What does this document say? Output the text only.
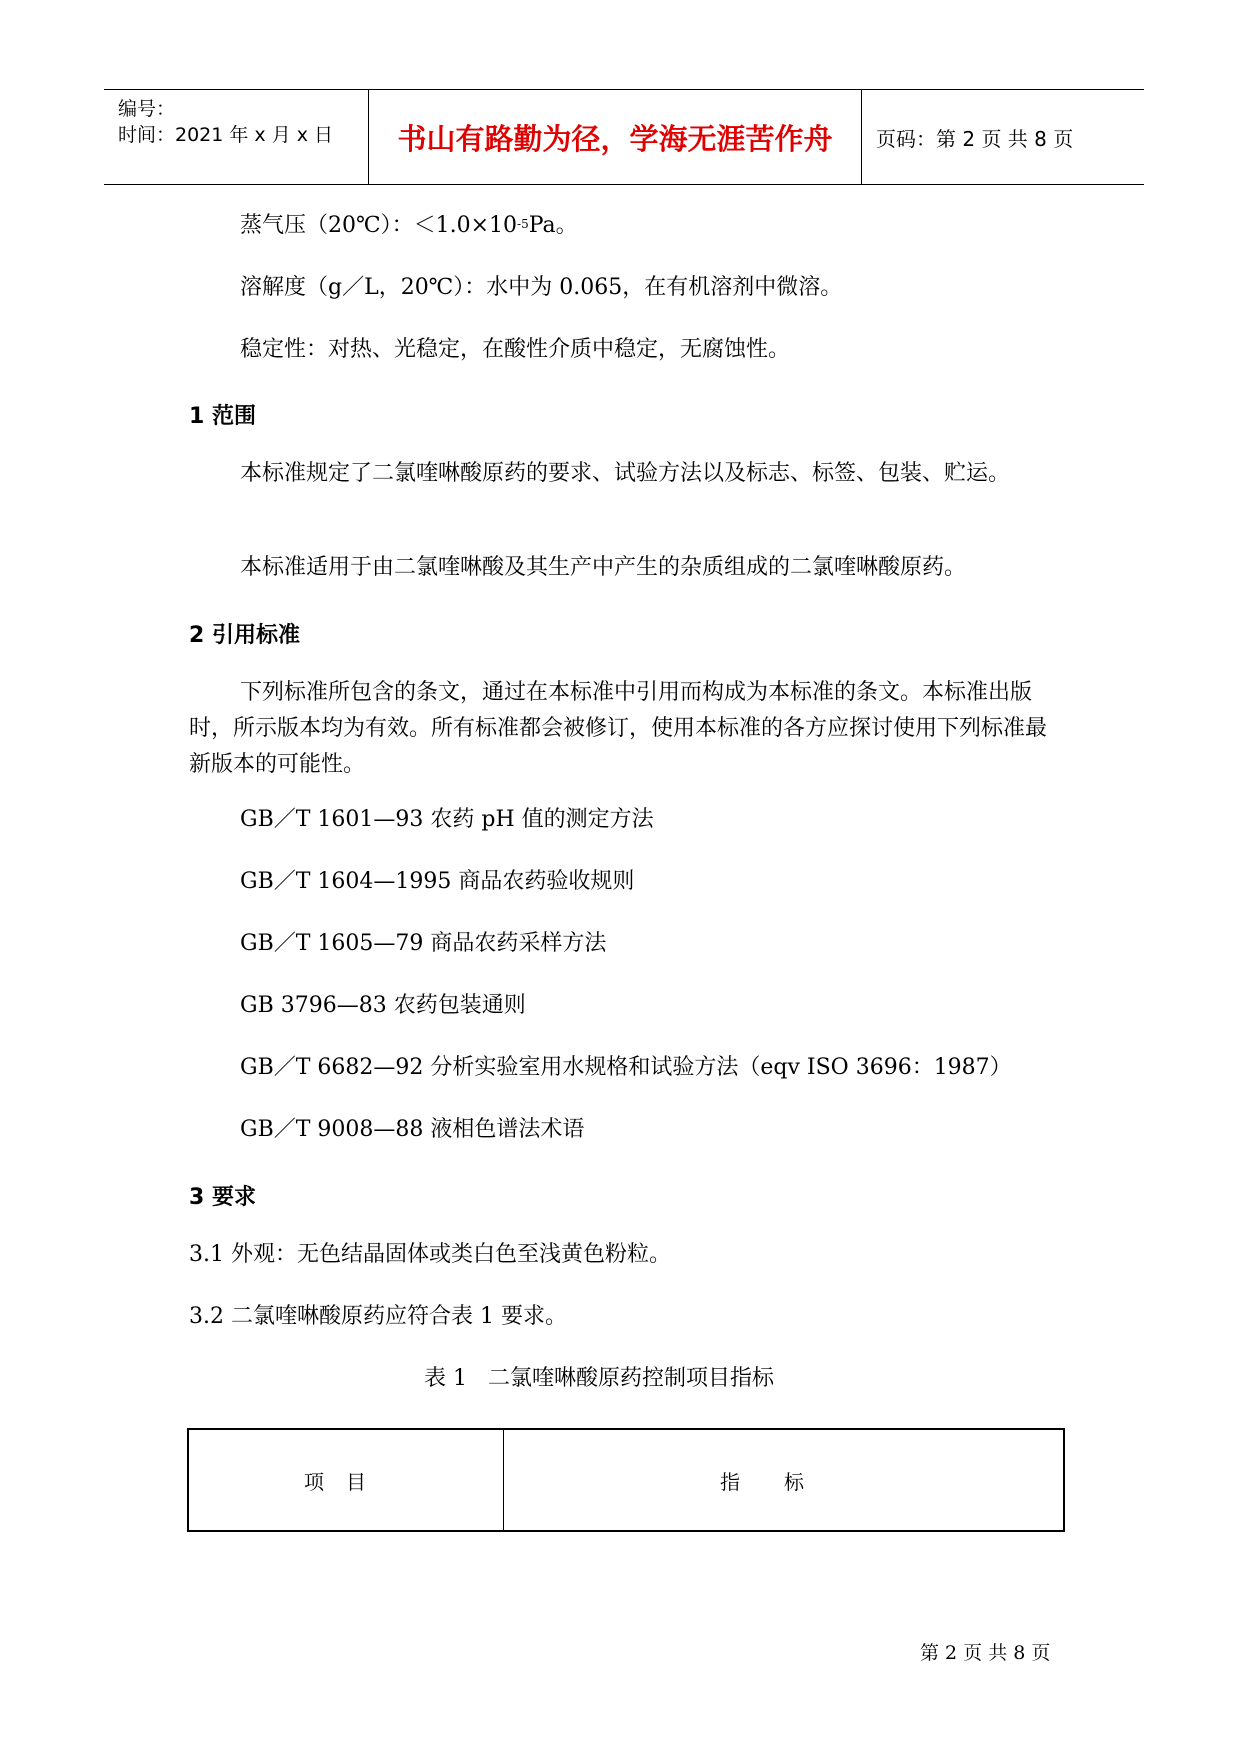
编号：
时间：2021 年 x 月 x 日	书山有路勤为径，学海无涯苦作舟	页码：第 2 页 共 8 页
蒸气压（20℃）：$<1.0\times 10^{-5}Pa$。
溶解度（g／L，20℃）：水中为 0.065，在有机溶剂中微溶。
稳定性：对热、光稳定，在酸性介质中稳定，无腐蚀性。
1 范围
本标准规定了二氯喹啉酸原药的要求、试验方法以及标志、标签、包装、贮运。
本标准适用于由二氯喹啉酸及其生产中产生的杂质组成的二氯喹啉酸原药。
2 引用标准
下列标准所包含的条文，通过在本标准中引用而构成为本标准的条文。本标准出版时，所示版本均为有效。所有标准都会被修订，使用本标准的各方应探讨使用下列标准最新版本的可能性。
GB／T 1601—93 农药 pH 值的测定方法
GB／T 1604—1995 商品农药验收规则
GB／T 1605—79 商品农药采样方法
GB 3796—83 农药包装通则
GB／T 6682—92 分析实验室用水规格和试验方法（eqv ISO 3696：1987）
GB／T 9008—88 液相色谱法术语
3 要求
3.1 外观：无色结晶固体或类白色至浅黄色粉粒。
3.2 二氯喹啉酸原药应符合表 1 要求。
表 1   二氯喹啉酸原药控制项目指标
项目	指标
第 2 页 共 8 页
